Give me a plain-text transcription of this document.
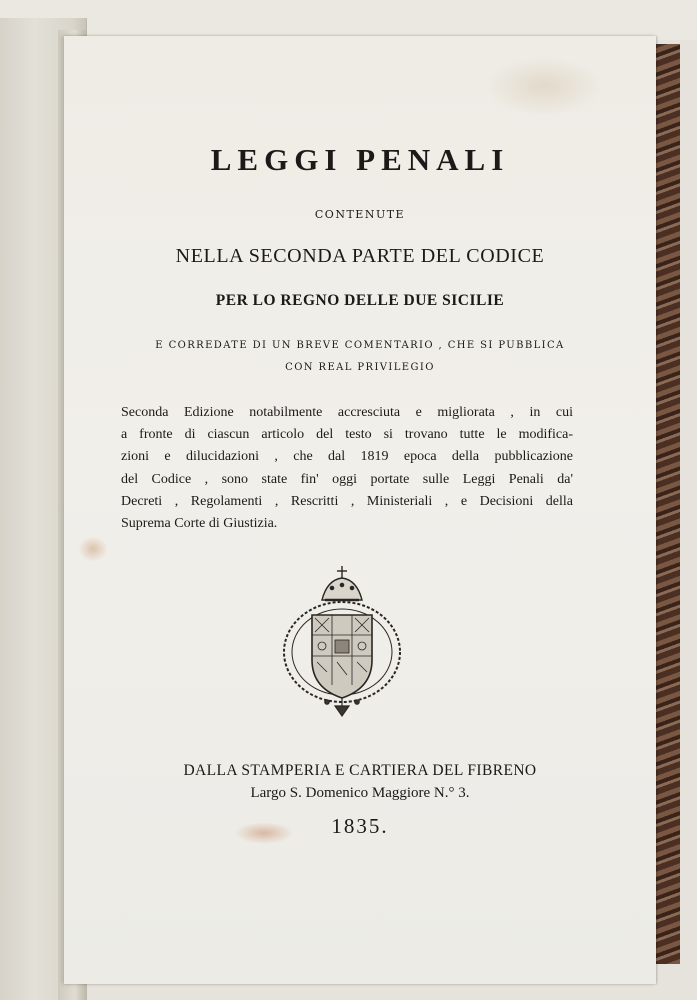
LEGGI PENALI
CONTENUTE
NELLA SECONDA PARTE DEL CODICE
PER LO REGNO DELLE DUE SICILIE
E CORREDATE DI UN BREVE COMENTARIO , CHE SI PUBBLICA
CON REAL PRIVILEGIO
Seconda Edizione notabilmente accresciuta e migliorata , in cui
a fronte di ciascun articolo del testo si trovano tutte le modifica-
zioni e dilucidazioni , che dal 1819 epoca della pubblicazione
del Codice , sono state fin' oggi portate sulle Leggi Penali da'
Decreti , Regolamenti , Rescritti , Ministeriali , e Decisioni della
Suprema Corte di Giustizia.
DALLA STAMPERIA E CARTIERA DEL FIBRENO
Largo S. Domenico Maggiore N.° 3.
1835.
